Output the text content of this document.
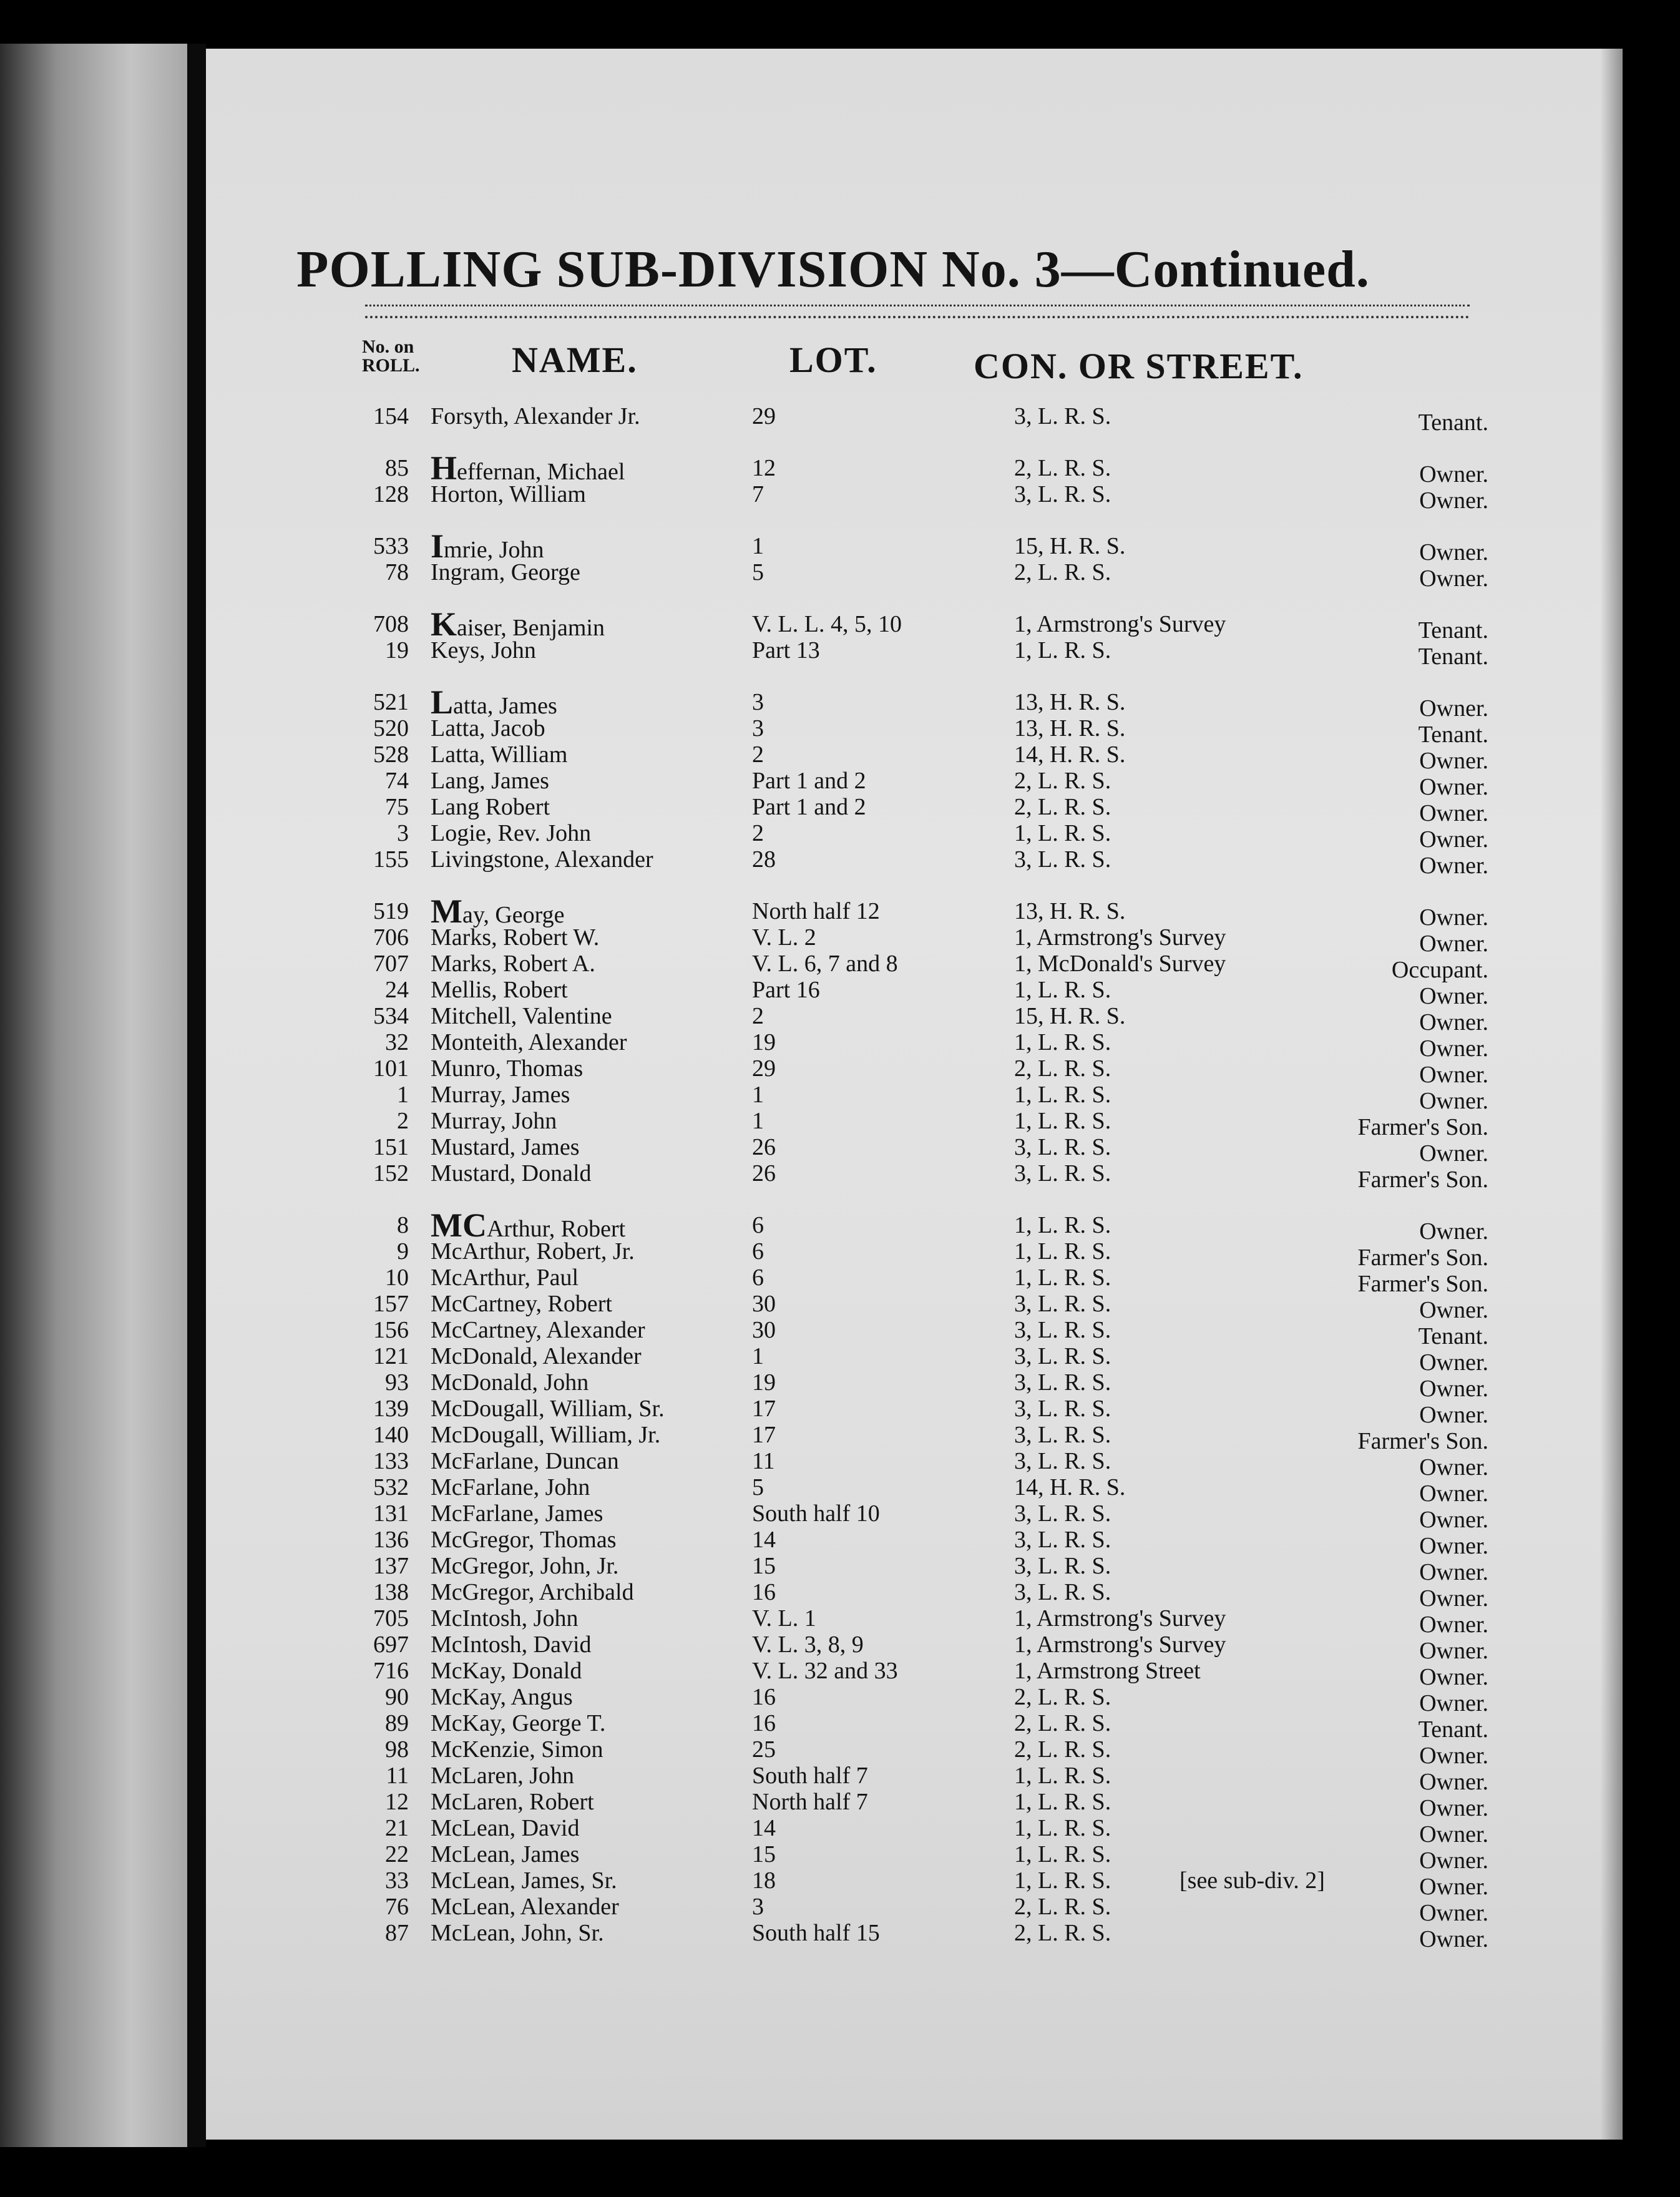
POLLING SUB-DIVISION No. 3—Continued.
No. on ROLL.	NAME.	LOT.	CON. OR STREET.
154 Forsyth, Alexander Jr.	29	3, L. R. S.	Tenant.
85 Heffernan, Michael	12	2, L. R. S.	Owner.
128 Horton, William	7	3, L. R. S.	Owner.
533 Imrie, John	1	15, H. R. S.	Owner.
78 Ingram, George	5	2, L. R. S.	Owner.
708 Kaiser, Benjamin	V. L. L. 4, 5, 10	1, Armstrong's Survey	Tenant.
19 Keys, John	Part 13	1, L. R. S.	Tenant.
521 Latta, James	3	13, H. R. S.	Owner.
520 Latta, Jacob	3	13, H. R. S.	Tenant.
528 Latta, William	2	14, H. R. S.	Owner.
74 Lang, James	Part 1 and 2	2, L. R. S.	Owner.
75 Lang Robert	Part 1 and 2	2, L. R. S.	Owner.
3 Logie, Rev. John	2	1, L. R. S.	Owner.
155 Livingstone, Alexander	28	3, L. R. S.	Owner.
519 May, George	North half 12	13, H. R. S.	Owner.
706 Marks, Robert W.	V. L. 2	1, Armstrong's Survey	Owner.
707 Marks, Robert A.	V. L. 6, 7 and 8	1, McDonald's Survey	Occupant.
24 Mellis, Robert	Part 16	1, L. R. S.	Owner.
534 Mitchell, Valentine	2	15, H. R. S.	Owner.
32 Monteith, Alexander	19	1, L. R. S.	Owner.
101 Munro, Thomas	29	2, L. R. S.	Owner.
1 Murray, James	1	1, L. R. S.	Owner.
2 Murray, John	1	1, L. R. S.	Farmer's Son.
151 Mustard, James	26	3, L. R. S.	Owner.
152 Mustard, Donald	26	3, L. R. S.	Farmer's Son.
8 MCArthur, Robert	6	1, L. R. S.	Owner.
9 McArthur, Robert, Jr.	6	1, L. R. S.	Farmer's Son.
10 McArthur, Paul	6	1, L. R. S.	Farmer's Son.
157 McCartney, Robert	30	3, L. R. S.	Owner.
156 McCartney, Alexander	30	3, L. R. S.	Tenant.
121 McDonald, Alexander	1	3, L. R. S.	Owner.
93 McDonald, John	19	3, L. R. S.	Owner.
139 McDougall, William, Sr.	17	3, L. R. S.	Owner.
140 McDougall, William, Jr.	17	3, L. R. S.	Farmer's Son.
133 McFarlane, Duncan	11	3, L. R. S.	Owner.
532 McFarlane, John	5	14, H. R. S.	Owner.
131 McFarlane, James	South half 10	3, L. R. S.	Owner.
136 McGregor, Thomas	14	3, L. R. S.	Owner.
137 McGregor, John, Jr.	15	3, L. R. S.	Owner.
138 McGregor, Archibald	16	3, L. R. S.	Owner.
705 McIntosh, John	V. L. 1	1, Armstrong's Survey	Owner.
697 McIntosh, David	V. L. 3, 8, 9	1, Armstrong's Survey	Owner.
716 McKay, Donald	V. L. 32 and 33	1, Armstrong Street	Owner.
90 McKay, Angus	16	2, L. R. S.	Owner.
89 McKay, George T.	16	2, L. R. S.	Tenant.
98 McKenzie, Simon	25	2, L. R. S.	Owner.
11 McLaren, John	South half 7	1, L. R. S.	Owner.
12 McLaren, Robert	North half 7	1, L. R. S.	Owner.
21 McLean, David	14	1, L. R. S.	Owner.
22 McLean, James	15	1, L. R. S.	Owner.
33 McLean, James, Sr.	18	1, L. R. S.	[see sub-div. 2]	Owner.
76 McLean, Alexander	3	2, L. R. S.	Owner.
87 McLean, John, Sr.	South half 15	2, L. R. S.	Owner.
